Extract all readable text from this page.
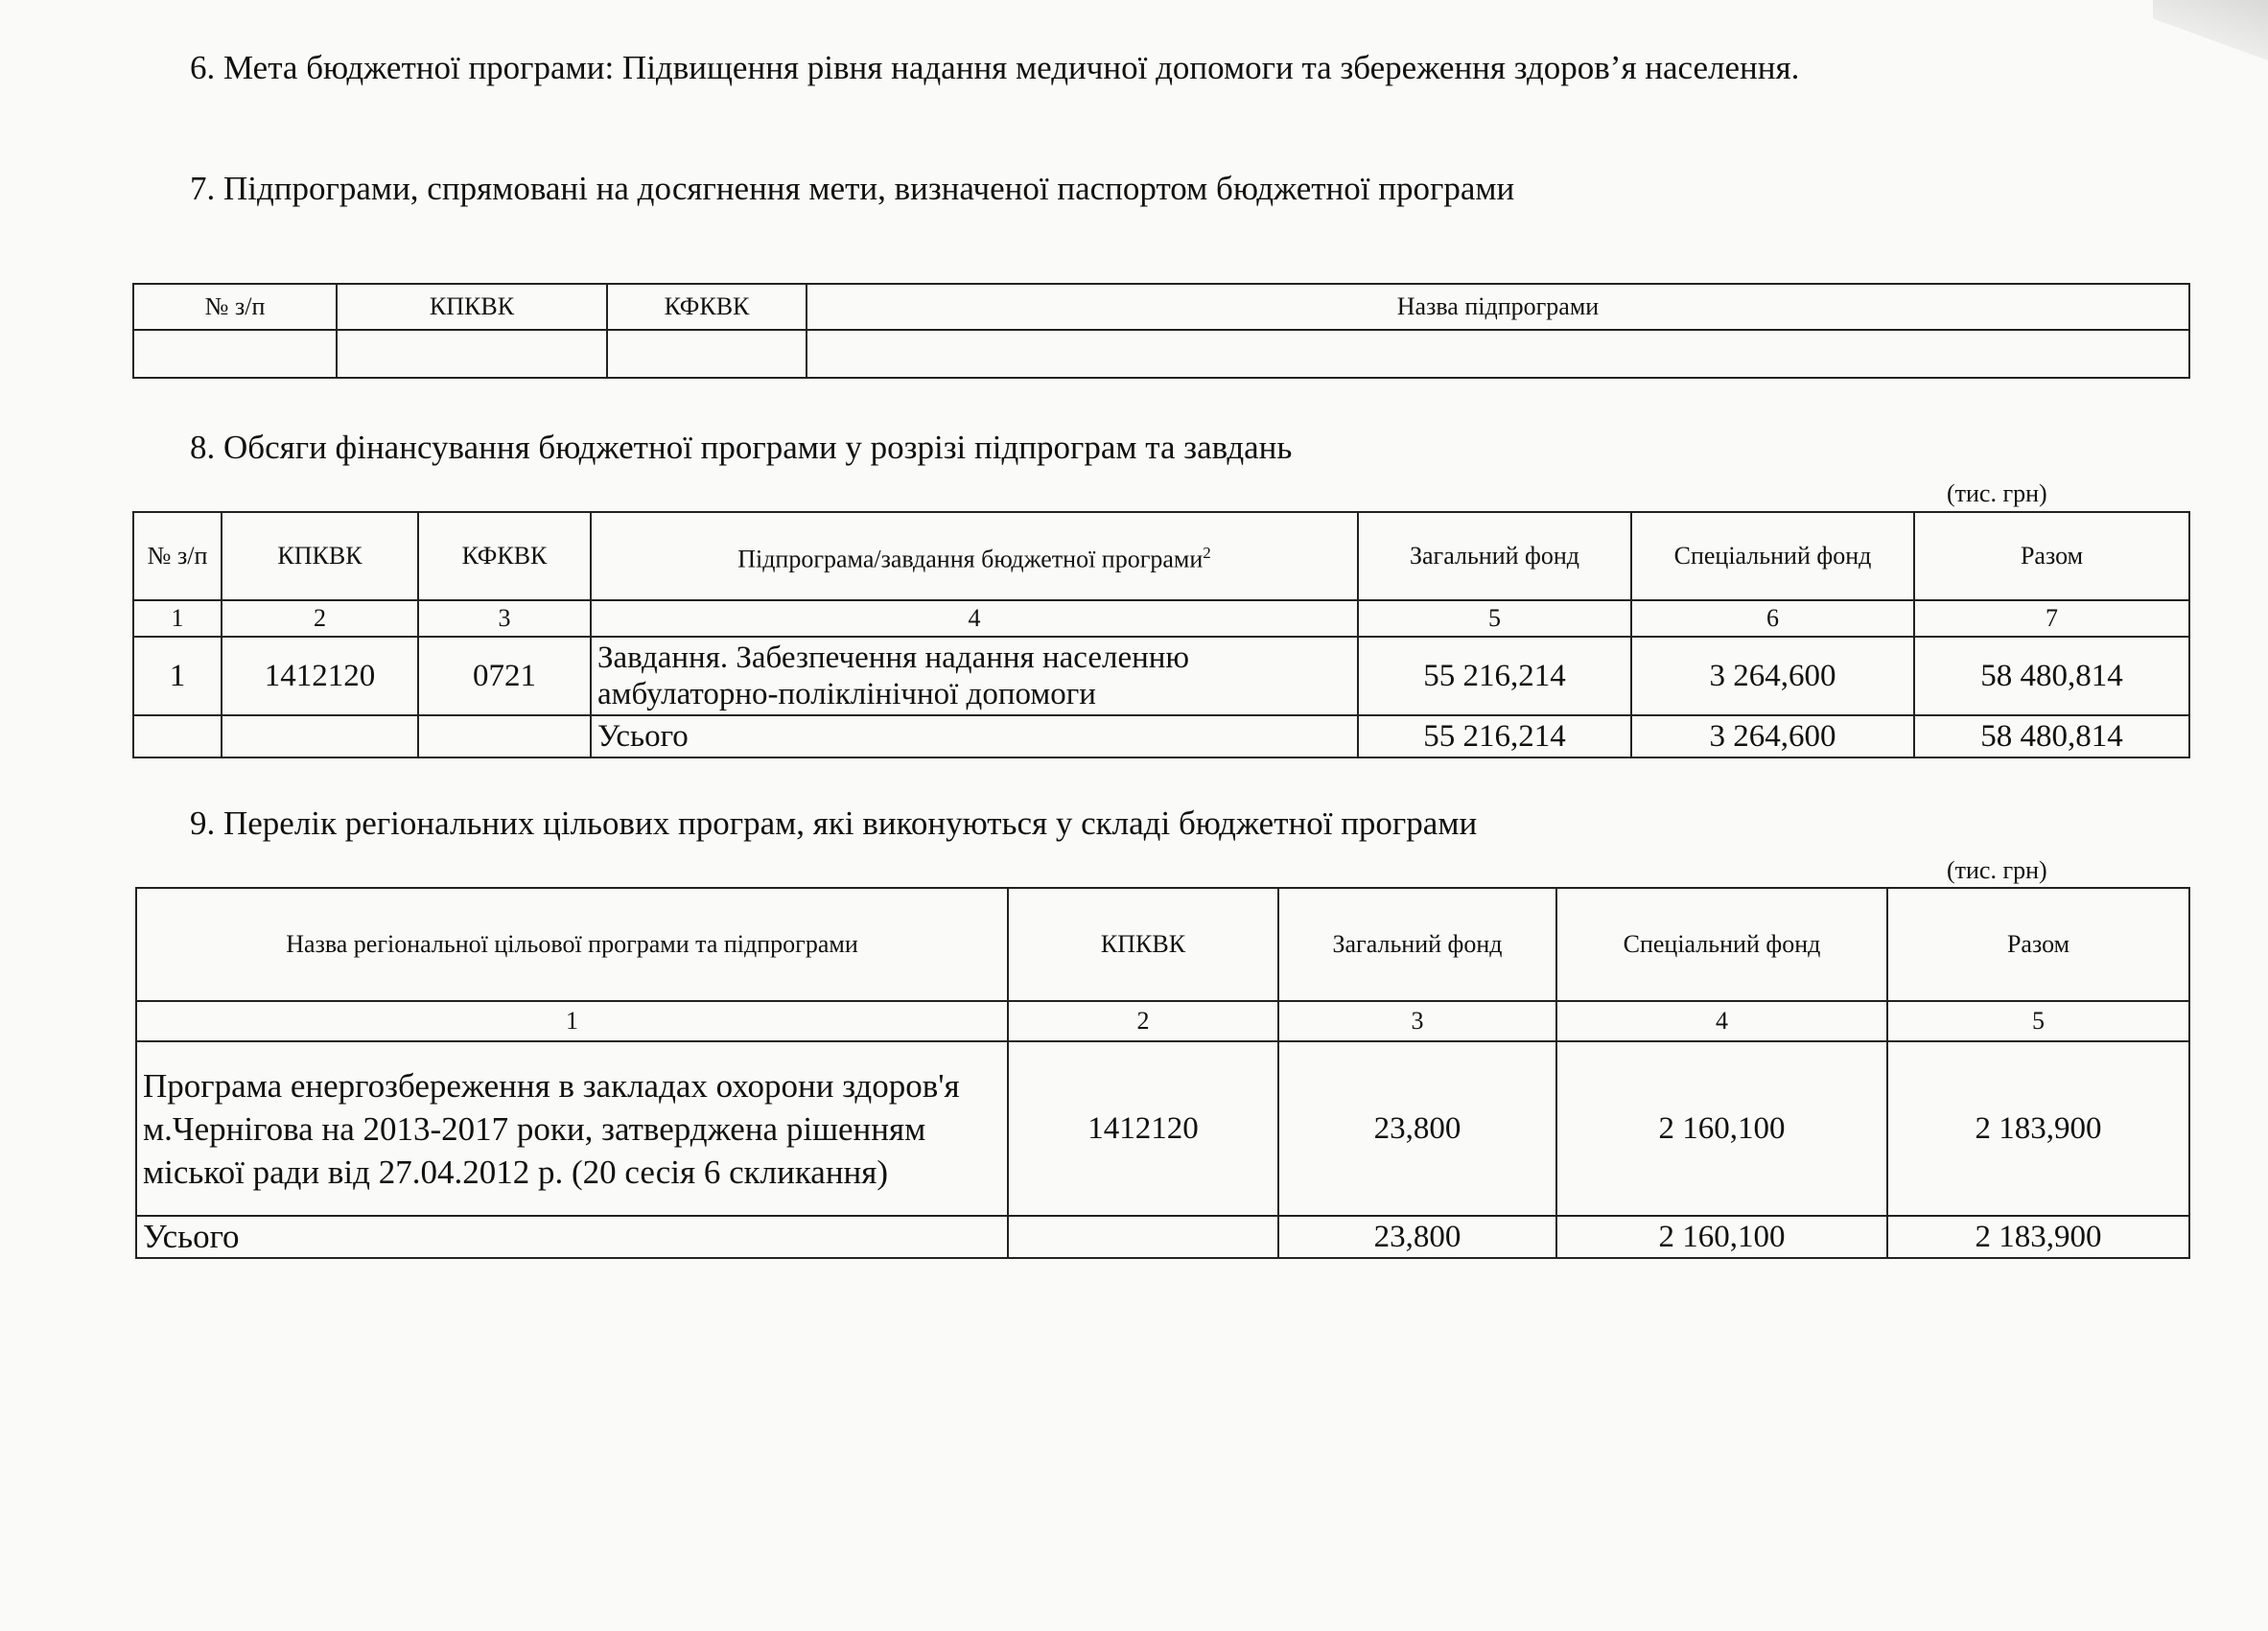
6. Мета бюджетної програми: Підвищення рівня надання медичної допомоги та збереження здоров’я населення.
7. Підпрограми, спрямовані на досягнення мети, визначеної паспортом бюджетної програми
№ з/п	КПКВК	КФКВК	Назва підпрограми

8. Обсяги фінансування бюджетної програми у розрізі підпрограм та завдань
(тис. грн)
№ з/п	КПКВК	КФКВК	Підпрограма/завдання бюджетної програми$^2$	Загальний фонд	Спеціальний фонд	Разом
1	2	3	4	5	6	7
1	1412120	0721	Завдання. Забезпечення надання населенню амбулаторно-поліклінічної допомоги	55 216,214	3 264,600	58 480,814
			Усього	55 216,214	3 264,600	58 480,814
9. Перелік регіональних цільових програм, які виконуються у складі бюджетної програми
(тис. грн)
Назва регіональної цільової програми та підпрограми	КПКВК	Загальний фонд	Спеціальний фонд	Разом
1	2	3	4	5
Програма енергозбереження в закладах охорони здоров'я м.Чернігова на 2013-2017 роки, затверджена рішенням міської ради від 27.04.2012 р. (20 сесія 6 скликання)	1412120	23,800	2 160,100	2 183,900
Усього		23,800	2 160,100	2 183,900
